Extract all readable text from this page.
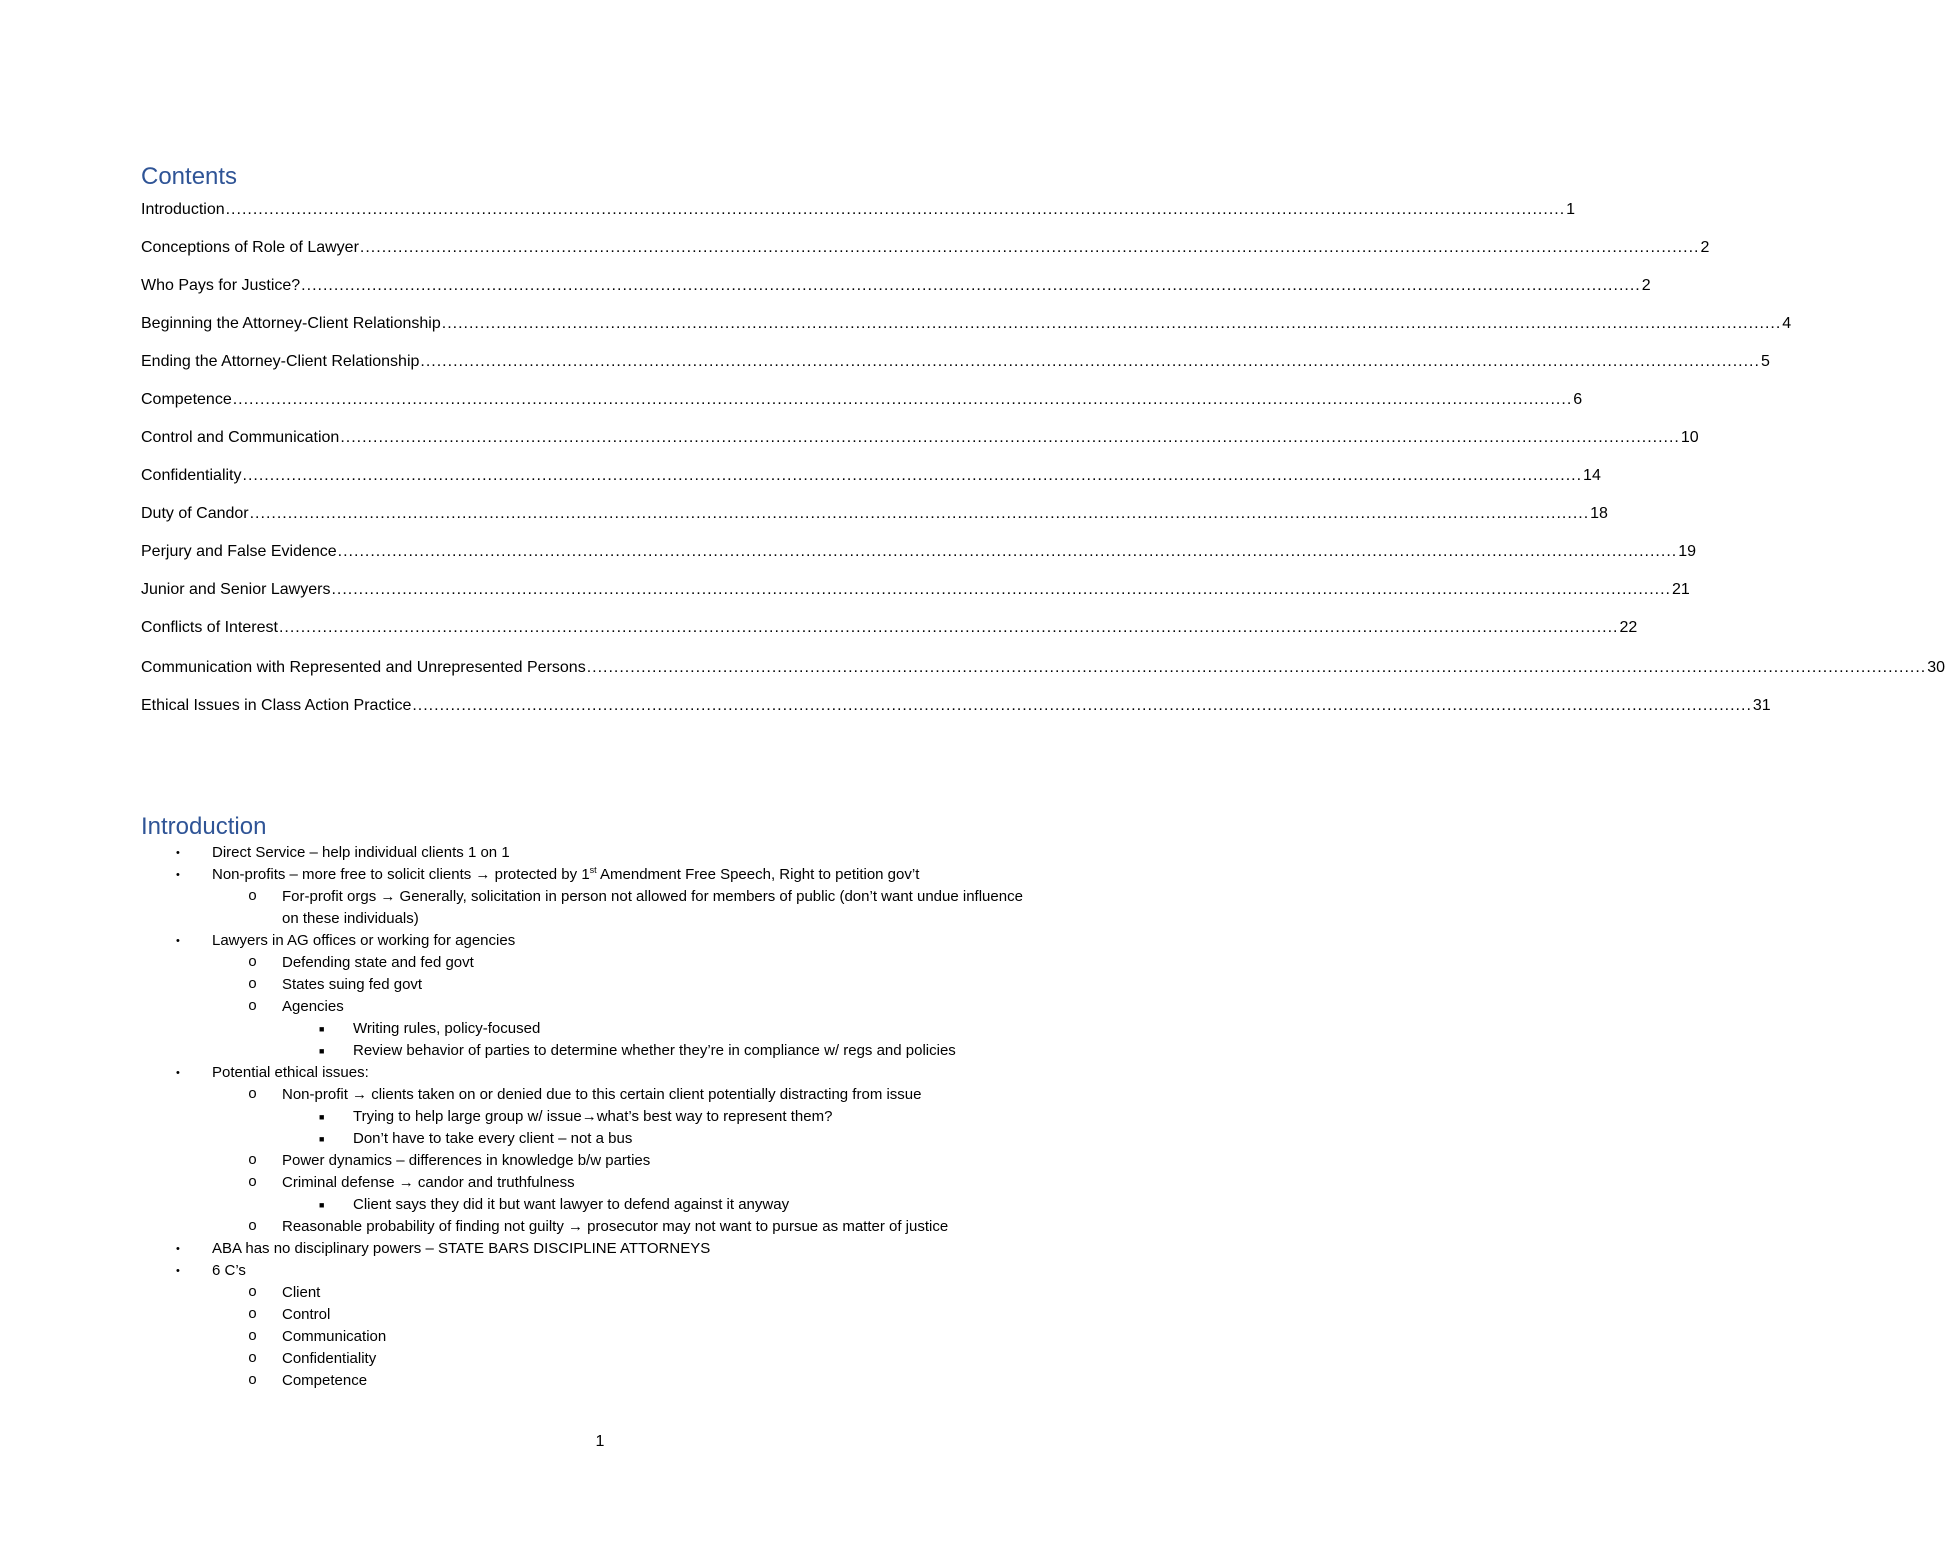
Contents
Introduction ...................................................................................................................................................................................................................................................... 1
Conceptions of Role of Lawyer ...................................................................................................................................................................................................................................................... 2
Who Pays for Justice? ...................................................................................................................................................................................................................................................... 2
Beginning the Attorney-Client Relationship ...................................................................................................................................................................................................................................................... 4
Ending the Attorney-Client Relationship ...................................................................................................................................................................................................................................................... 5
Competence ...................................................................................................................................................................................................................................................... 6
Control and Communication ...................................................................................................................................................................................................................................................... 10
Confidentiality ...................................................................................................................................................................................................................................................... 14
Duty of Candor ...................................................................................................................................................................................................................................................... 18
Perjury and False Evidence ...................................................................................................................................................................................................................................................... 19
Junior and Senior Lawyers ...................................................................................................................................................................................................................................................... 21
Conflicts of Interest ...................................................................................................................................................................................................................................................... 22
Communication with Represented and Unrepresented Persons ...................................................................................................................................................................................................................................................... 30
Ethical Issues in Class Action Practice ...................................................................................................................................................................................................................................................... 31
Introduction
• Direct Service – help individual clients 1 on 1
• Non-profits – more free to solicit clients → protected by 1st Amendment Free Speech, Right to petition gov’t
o For-profit orgs → Generally, solicitation in person not allowed for members of public (don’t want undue influence on these individuals)
• Lawyers in AG offices or working for agencies
o Defending state and fed govt
o States suing fed govt
o Agencies
■ Writing rules, policy-focused
■ Review behavior of parties to determine whether they’re in compliance w/ regs and policies
• Potential ethical issues:
o Non-profit → clients taken on or denied due to this certain client potentially distracting from issue
■ Trying to help large group w/ issue→what’s best way to represent them?
■ Don’t have to take every client – not a bus
o Power dynamics – differences in knowledge b/w parties
o Criminal defense → candor and truthfulness
■ Client says they did it but want lawyer to defend against it anyway
o Reasonable probability of finding not guilty → prosecutor may not want to pursue as matter of justice
• ABA has no disciplinary powers – STATE BARS DISCIPLINE ATTORNEYS
• 6 C’s
o Client
o Control
o Communication
o Confidentiality
o Competence
1
